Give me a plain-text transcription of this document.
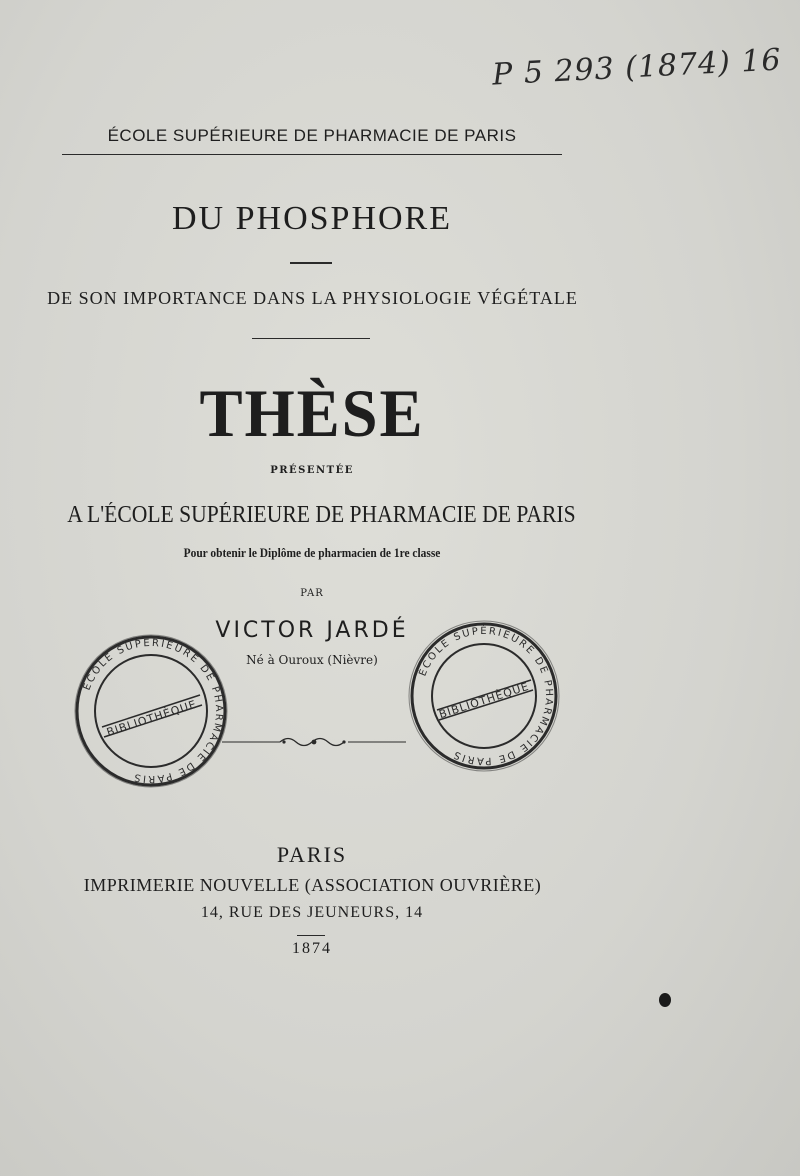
P 5 293 (1874) 16
ÉCOLE SUPÉRIEURE DE PHARMACIE DE PARIS
DU PHOSPHORE
DE SON IMPORTANCE DANS LA PHYSIOLOGIE VÉGÉTALE
THÈSE
PRÉSENTÉE
A L'ÉCOLE SUPÉRIEURE DE PHARMACIE DE PARIS
Pour obtenir le Diplôme de pharmacien de 1re classe
PAR
VICTOR JARDÉ
Né à Ouroux (Nièvre)
BIBLIOTHÈQUE
ÉCOLE SUPÉRIEURE DE PHARMACIE DE PARIS
BIBLIOTHÈQUE
ÉCOLE SUPÉRIEURE DE PHARMACIE DE PARIS
PARIS
IMPRIMERIE NOUVELLE (ASSOCIATION OUVRIÈRE)
14, RUE DES JEUNEURS, 14
1874
